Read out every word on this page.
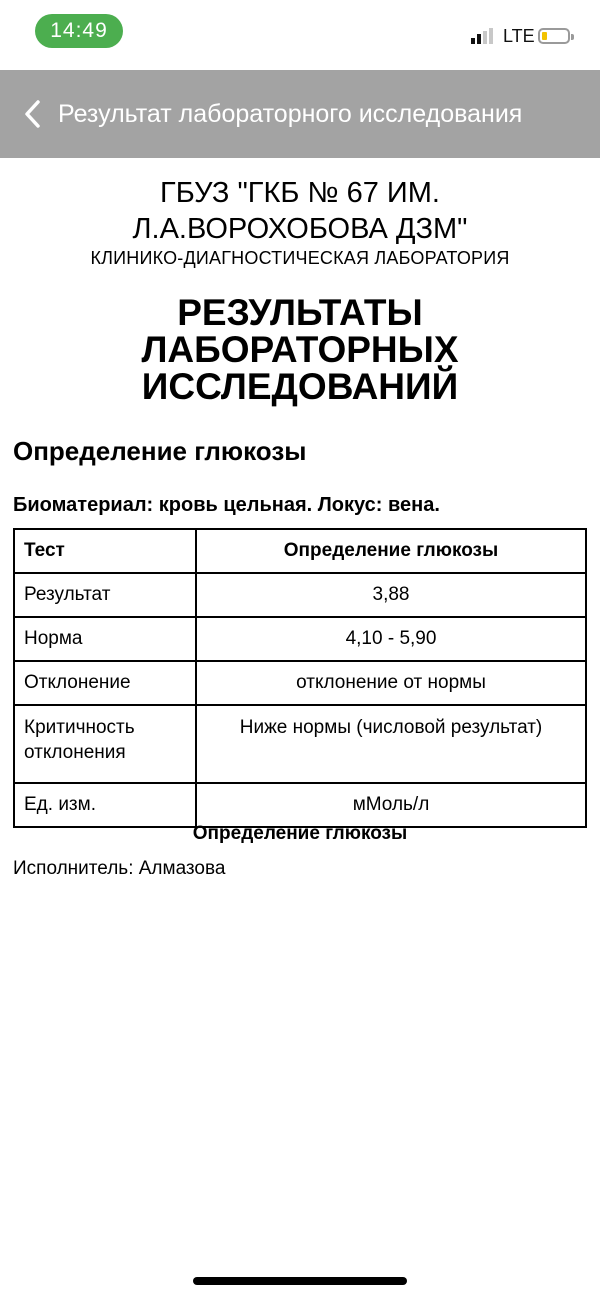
14:49	LTE
Результат лабораторного исследования
ГБУЗ "ГКБ № 67 ИМ.
Л.А.ВОРОХОБОВА ДЗМ"
КЛИНИКО-ДИАГНОСТИЧЕСКАЯ ЛАБОРАТОРИЯ
РЕЗУЛЬТАТЫ
ЛАБОРАТОРНЫХ
ИССЛЕДОВАНИЙ
Определение глюкозы
Биоматериал: кровь цельная. Локус: вена.
Тест	Определение глюкозы
Результат	3,88
Норма	4,10 - 5,90
Отклонение	отклонение от нормы

Критичность
отклонения	Ниже нормы (числовой результат)
Ед. изм.	мМоль/л
Определение глюкозы
Исполнитель: Алмазова
